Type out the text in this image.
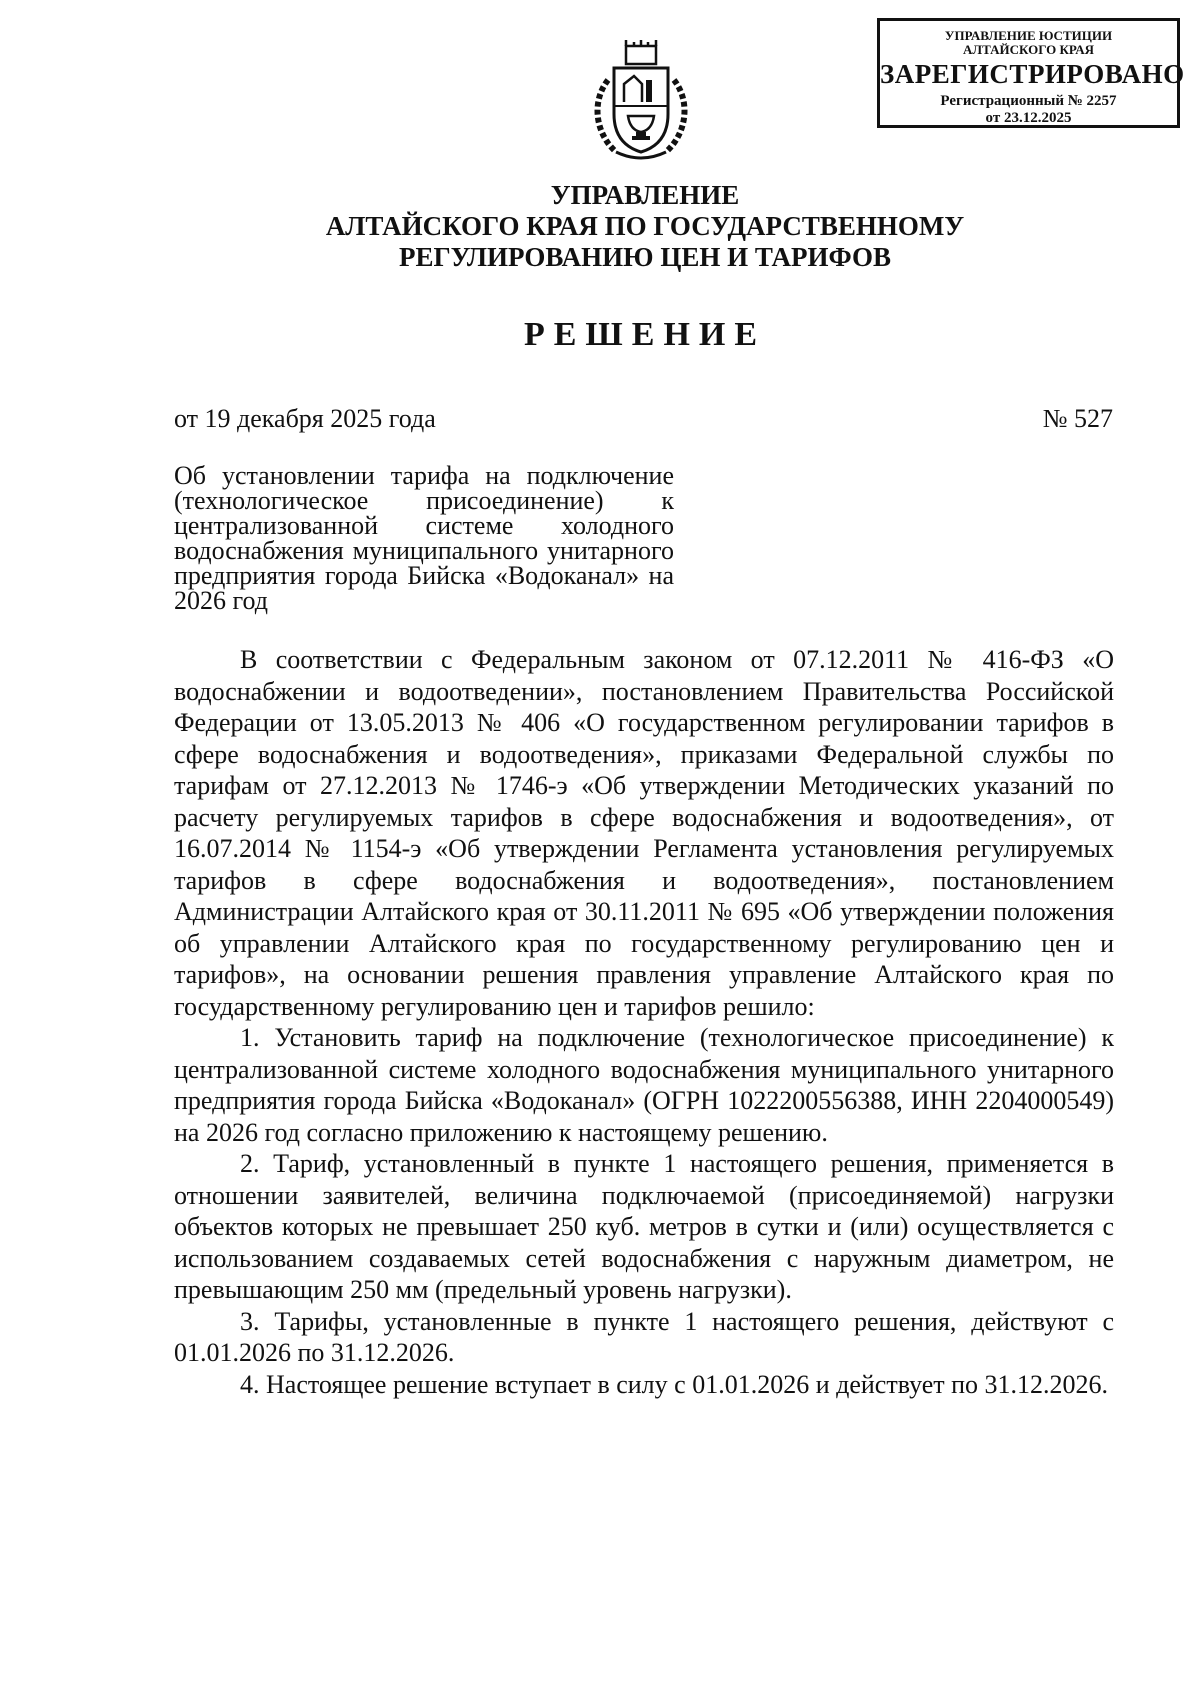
УПРАВЛЕНИЕ ЮСТИЦИИ
АЛТАЙСКОГО КРАЯ
ЗАРЕГИСТРИРОВАНО
Регистрационный № 2257
от 23.12.2025
УПРАВЛЕНИЕ
АЛТАЙСКОГО КРАЯ ПО ГОСУДАРСТВЕННОМУ
РЕГУЛИРОВАНИЮ ЦЕН И ТАРИФОВ
РЕШЕНИЕ
от 19 декабря 2025 года	№ 527
Об установлении тарифа на подключение (технологическое присоединение) к централизованной системе холодного водоснабжения муниципального унитарного предприятия города Бийска «Водоканал» на 2026 год

В соответствии с Федеральным законом от 07.12.2011 № 416-ФЗ «О водоснабжении и водоотведении», постановлением Правительства Российской Федерации от 13.05.2013 № 406 «О государственном регулировании тарифов в сфере водоснабжения и водоотведения», приказами Федеральной службы по тарифам от 27.12.2013 № 1746-э «Об утверждении Методических указаний по расчету регулируемых тарифов в сфере водоснабжения и водоотведения», от 16.07.2014 № 1154-э «Об утверждении Регламента установления регулируемых тарифов в сфере водоснабжения и водоотведения», постановлением Администрации Алтайского края от 30.11.2011 № 695 «Об утверждении положения об управлении Алтайского края по государственному регулированию цен и тарифов», на основании решения правления управление Алтайского края по государственному регулированию цен и тарифов решило:

1. Установить тариф на подключение (технологическое присоединение) к централизованной системе холодного водоснабжения муниципального унитарного предприятия города Бийска «Водоканал» (ОГРН 1022200556388, ИНН 2204000549) на 2026 год согласно приложению к настоящему решению.

2. Тариф, установленный в пункте 1 настоящего решения, применяется в отношении заявителей, величина подключаемой (присоединяемой) нагрузки объектов которых не превышает 250 куб. метров в сутки и (или) осуществляется с использованием создаваемых сетей водоснабжения с наружным диаметром, не превышающим 250 мм (предельный уровень нагрузки).

3. Тарифы, установленные в пункте 1 настоящего решения, действуют с 01.01.2026 по 31.12.2026.

4. Настоящее решение вступает в силу с 01.01.2026 и действует по 31.12.2026.
